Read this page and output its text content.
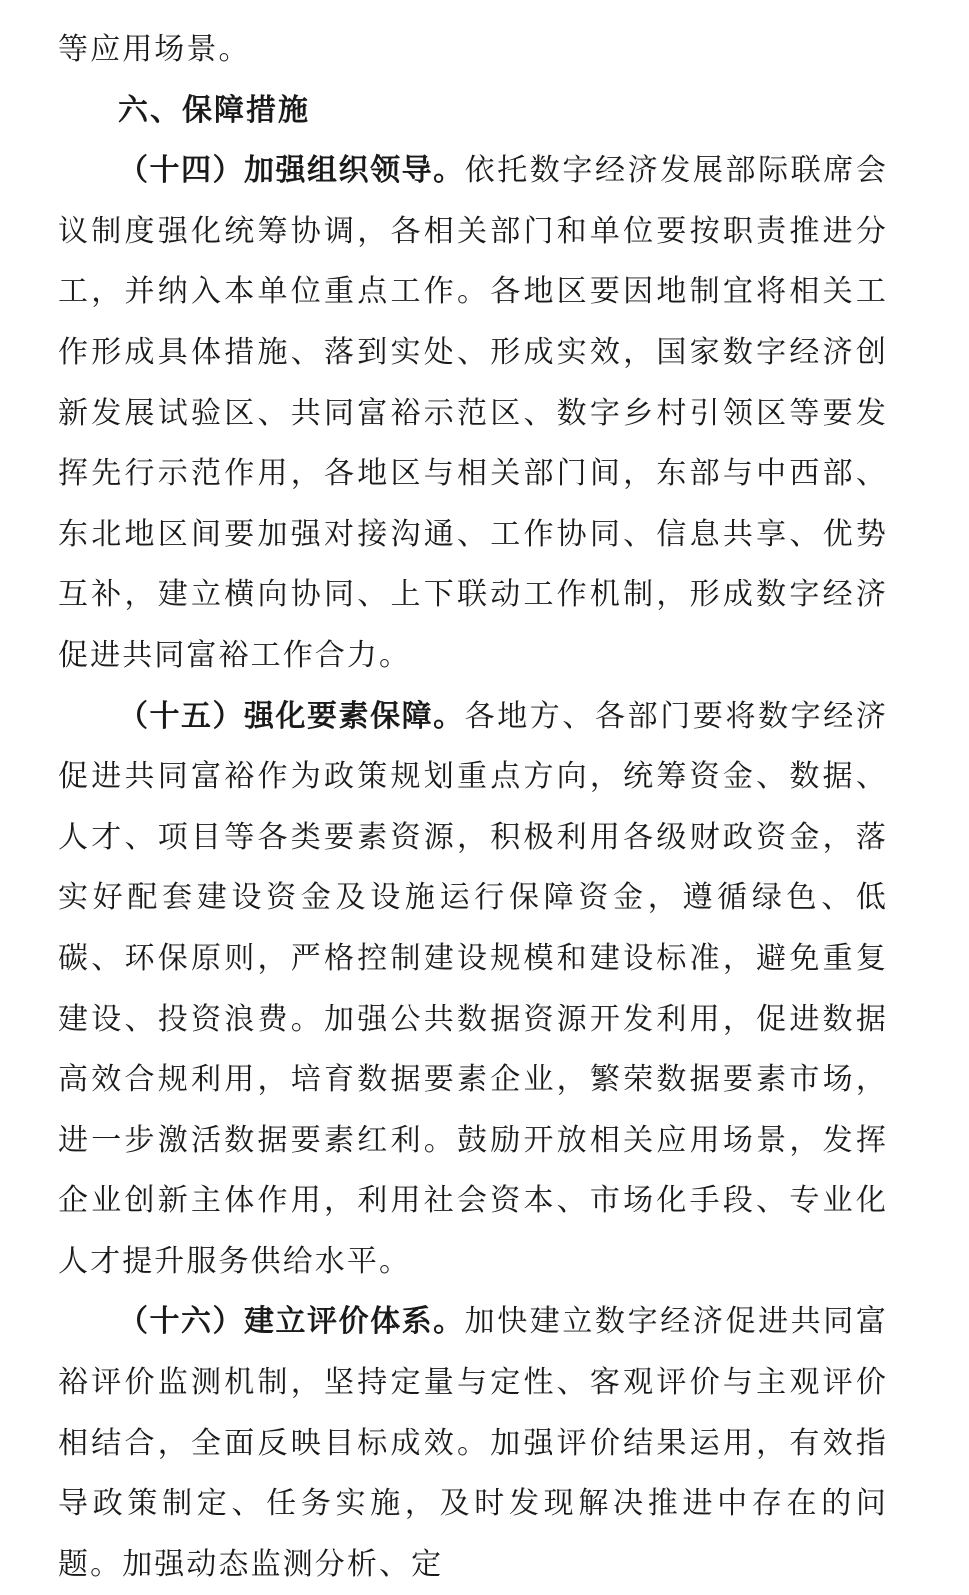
等应用场景。

六、保障措施

（十四）加强组织领导。依托数字经济发展部际联席会议制度强化统筹协调，各相关部门和单位要按职责推进分工，并纳入本单位重点工作。各地区要因地制宜将相关工作形成具体措施、落到实处、形成实效，国家数字经济创新发展试验区、共同富裕示范区、数字乡村引领区等要发挥先行示范作用，各地区与相关部门间，东部与中西部、东北地区间要加强对接沟通、工作协同、信息共享、优势互补，建立横向协同、上下联动工作机制，形成数字经济促进共同富裕工作合力。

（十五）强化要素保障。各地方、各部门要将数字经济促进共同富裕作为政策规划重点方向，统筹资金、数据、人才、项目等各类要素资源，积极利用各级财政资金，落实好配套建设资金及设施运行保障资金，遵循绿色、低碳、环保原则，严格控制建设规模和建设标准，避免重复建设、投资浪费。加强公共数据资源开发利用，促进数据高效合规利用，培育数据要素企业，繁荣数据要素市场，进一步激活数据要素红利。鼓励开放相关应用场景，发挥企业创新主体作用，利用社会资本、市场化手段、专业化人才提升服务供给水平。

（十六）建立评价体系。加快建立数字经济促进共同富裕评价监测机制，坚持定量与定性、客观评价与主观评价相结合，全面反映目标成效。加强评价结果运用，有效指导政策制定、任务实施，及时发现解决推进中存在的问题。加强动态监测分析、定
